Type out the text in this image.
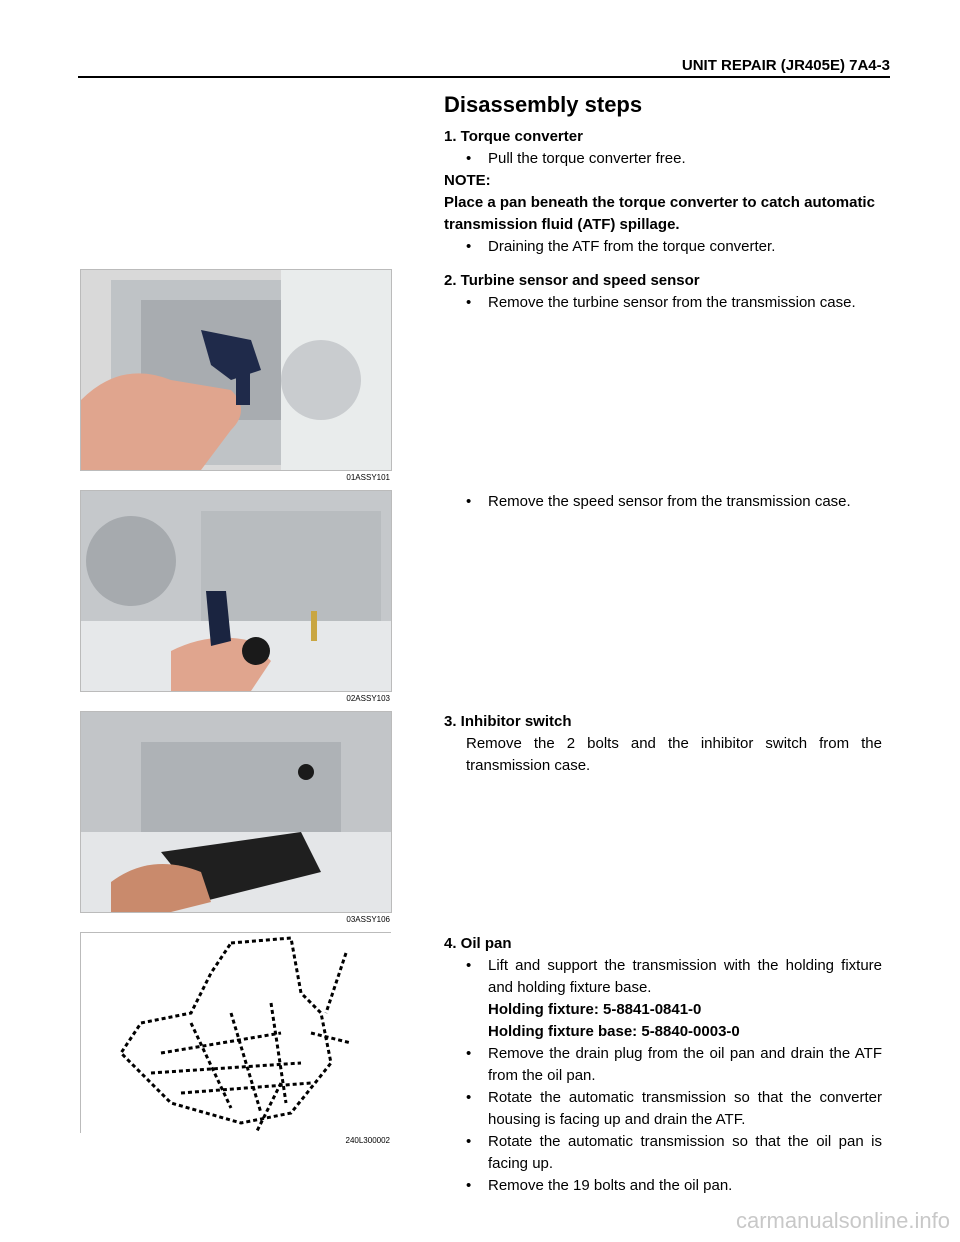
UNIT REPAIR (JR405E) 7A4-3
01ASSY101
02ASSY103
03ASSY106
240L300002
Disassembly steps
1. Torque converter
• Pull the torque converter free.
NOTE:
Place a pan beneath the torque converter to catch automatic transmission fluid (ATF) spillage.
• Draining the ATF from the torque converter.
2. Turbine sensor and speed sensor
• Remove the turbine sensor from the transmission case.
• Remove the speed sensor from the transmission case.
3. Inhibitor switch
Remove the 2 bolts and the inhibitor switch from the transmission case.
4. Oil pan
• Lift and support the transmission with the holding fixture and holding fixture base.
Holding fixture: 5-8841-0841-0
Holding fixture base: 5-8840-0003-0
• Remove the drain plug from the oil pan and drain the ATF from the oil pan.
• Rotate the automatic transmission so that the converter housing is facing up and drain the ATF.
• Rotate the automatic transmission so that the oil pan is facing up.
• Remove the 19 bolts and the oil pan.
carmanualsonline.info
